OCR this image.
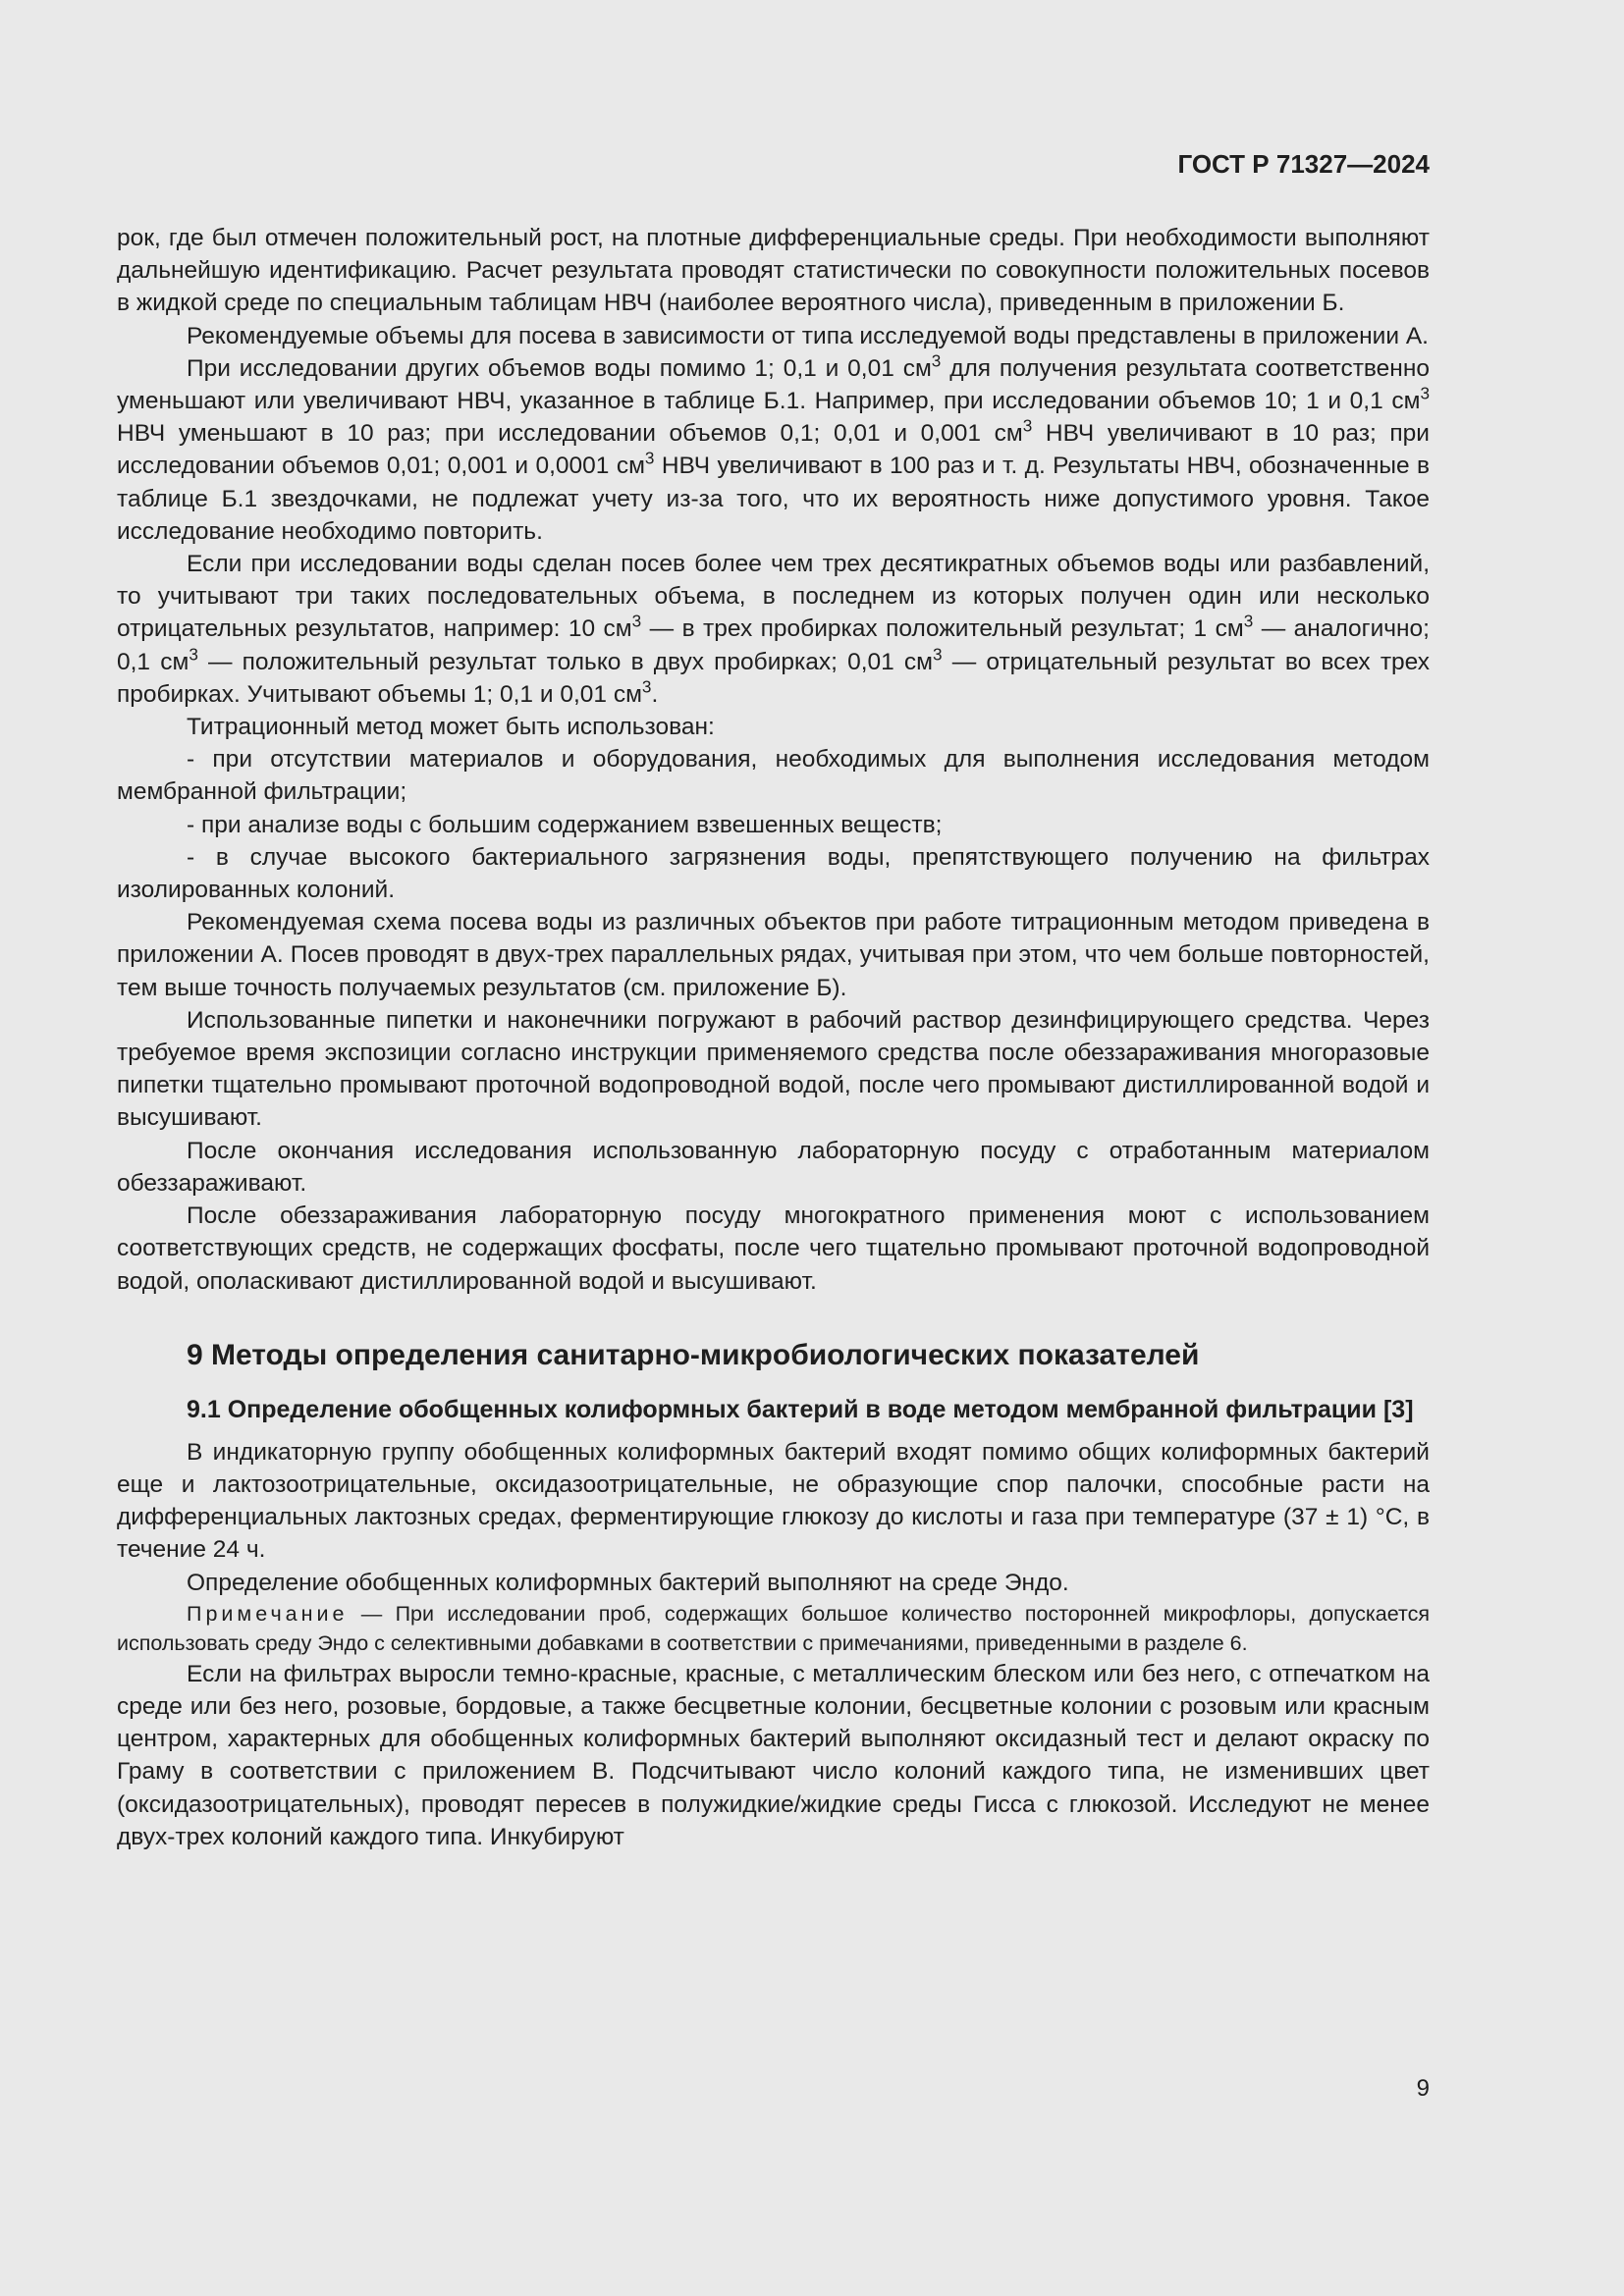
ГОСТ Р 71327—2024

рок, где был отмечен положительный рост, на плотные дифференциальные среды. При необходимости выполняют дальнейшую идентификацию. Расчет результата проводят статистически по совокупности положительных посевов в жидкой среде по специальным таблицам НВЧ (наиболее вероятного числа), приведенным в приложении Б.

Рекомендуемые объемы для посева в зависимости от типа исследуемой воды представлены в приложении А.

При исследовании других объемов воды помимо 1; 0,1 и 0,01 $см^3$ для получения результата соответственно уменьшают или увеличивают НВЧ, указанное в таблице Б.1. Например, при исследовании объемов 10; 1 и 0,1 $см^3$ НВЧ уменьшают в 10 раз; при исследовании объемов 0,1; 0,01 и 0,001 $см^3$ НВЧ увеличивают в 10 раз; при исследовании объемов 0,01; 0,001 и 0,0001 $см^3$ НВЧ увеличивают в 100 раз и т. д. Результаты НВЧ, обозначенные в таблице Б.1 звездочками, не подлежат учету из-за того, что их вероятность ниже допустимого уровня. Такое исследование необходимо повторить.

Если при исследовании воды сделан посев более чем трех десятикратных объемов воды или разбавлений, то учитывают три таких последовательных объема, в последнем из которых получен один или несколько отрицательных результатов, например: 10 $см^3$ — в трех пробирках положительный результат; 1 $см^3$ — аналогично; 0,1 $см^3$ — положительный результат только в двух пробирках; 0,01 $см^3$ — отрицательный результат во всех трех пробирках. Учитывают объемы 1; 0,1 и 0,01 $см^3$.

Титрационный метод может быть использован:

- при отсутствии материалов и оборудования, необходимых для выполнения исследования методом мембранной фильтрации;

- при анализе воды с большим содержанием взвешенных веществ;

- в случае высокого бактериального загрязнения воды, препятствующего получению на фильтрах изолированных колоний.

Рекомендуемая схема посева воды из различных объектов при работе титрационным методом приведена в приложении А. Посев проводят в двух-трех параллельных рядах, учитывая при этом, что чем больше повторностей, тем выше точность получаемых результатов (см. приложение Б).

Использованные пипетки и наконечники погружают в рабочий раствор дезинфицирующего средства. Через требуемое время экспозиции согласно инструкции применяемого средства после обеззараживания многоразовые пипетки тщательно промывают проточной водопроводной водой, после чего промывают дистиллированной водой и высушивают.

После окончания исследования использованную лабораторную посуду с отработанным материалом обеззараживают.

После обеззараживания лабораторную посуду многократного применения моют с использованием соответствующих средств, не содержащих фосфаты, после чего тщательно промывают проточной водопроводной водой, ополаскивают дистиллированной водой и высушивают.

9 Методы определения санитарно-микробиологических показателей
9.1 Определение обобщенных колиформных бактерий в воде методом мембранной фильтрации [3]

В индикаторную группу обобщенных колиформных бактерий входят помимо общих колиформных бактерий еще и лактозоотрицательные, оксидазоотрицательные, не образующие спор палочки, способные расти на дифференциальных лактозных средах, ферментирующие глюкозу до кислоты и газа при температуре (37 ± 1) °С, в течение 24 ч.

Определение обобщенных колиформных бактерий выполняют на среде Эндо.

Примечание — При исследовании проб, содержащих большое количество посторонней микрофлоры, допускается использовать среду Эндо с селективными добавками в соответствии с примечаниями, приведенными в разделе 6.

Если на фильтрах выросли темно-красные, красные, с металлическим блеском или без него, с отпечатком на среде или без него, розовые, бордовые, а также бесцветные колонии, бесцветные колонии с розовым или красным центром, характерных для обобщенных колиформных бактерий выполняют оксидазный тест и делают окраску по Граму в соответствии с приложением В. Подсчитывают число колоний каждого типа, не изменивших цвет (оксидазоотрицательных), проводят пересев в полужидкие/жидкие среды Гисса с глюкозой. Исследуют не менее двух-трех колоний каждого типа. Инкубируют

9
